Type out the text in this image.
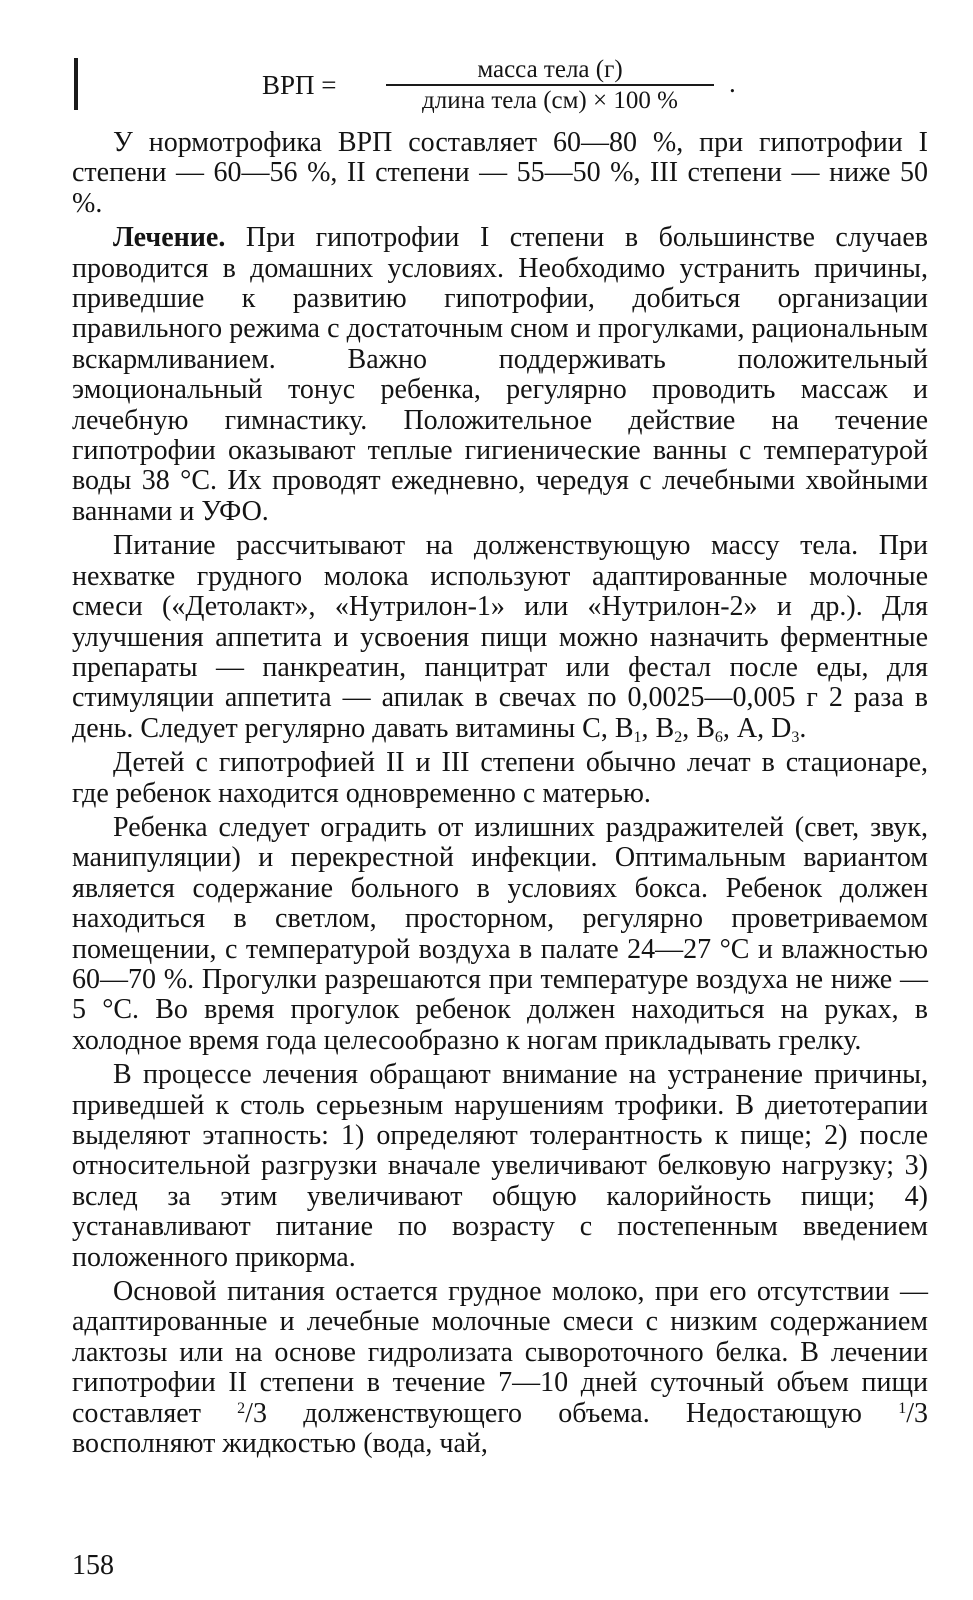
ВРП =
масса тела (г)
длина тела (см) × 100 %
.

У нормотрофика ВРП составляет 60—80 %, при гипотрофии I степени — 60—56 %, II степени — 55—50 %, III степени — ниже 50 %.

Лечение. При гипотрофии I степени в большинстве случаев проводится в домашних условиях. Необходимо устранить причины, приведшие к развитию гипотрофии, добиться организации правильного режима с достаточным сном и прогулками, рациональным вскармливанием. Важно поддерживать положительный эмоциональный тонус ребенка, регулярно проводить массаж и лечебную гимнастику. Положительное действие на течение гипотрофии оказывают теплые гигиенические ванны с температурой воды 38 °С. Их проводят ежедневно, чередуя с лечебными хвойными ваннами и УФО.

Питание рассчитывают на долженствующую массу тела. При нехватке грудного молока используют адаптированные молочные смеси («Детолакт», «Нутрилон-1» или «Нутрилон-2» и др.). Для улучшения аппетита и усвоения пищи можно назначить ферментные препараты — панкреатин, панцитрат или фестал после еды, для стимуляции аппетита — апилак в свечах по 0,0025—0,005 г 2 раза в день. Следует регулярно давать витамины С, $В_1$, $В_2$, $В_6$, А, $D_3$.

Детей с гипотрофией II и III степени обычно лечат в стационаре, где ребенок находится одновременно с матерью.

Ребенка следует оградить от излишних раздражителей (свет, звук, манипуляции) и перекрестной инфекции. Оптимальным вариантом является содержание больного в условиях бокса. Ребенок должен находиться в светлом, просторном, регулярно проветриваемом помещении, с температурой воздуха в палате 24—27 °С и влажностью 60—70 %. Прогулки разрешаются при температуре воздуха не ниже —5 °С. Во время прогулок ребенок должен находиться на руках, в холодное время года целесообразно к ногам прикладывать грелку.

В процессе лечения обращают внимание на устранение причины, приведшей к столь серьезным нарушениям трофики. В диетотерапии выделяют этапность: 1) определяют толерантность к пище; 2) после относительной разгрузки вначале увеличивают белковую нагрузку; 3) вслед за этим увеличивают общую калорийность пищи; 4) устанавливают питание по возрасту с постепенным введением положенного прикорма.

Основой питания остается грудное молоко, при его отсутствии — адаптированные и лечебные молочные смеси с низким содержанием лактозы или на основе гидролизата сывороточного белка. В лечении гипотрофии II степени в течение 7—10 дней суточный объем пищи составляет $^2$/3 долженствующего объема. Недостающую $^1$/3 восполняют жидкостью (вода, чай,

158
